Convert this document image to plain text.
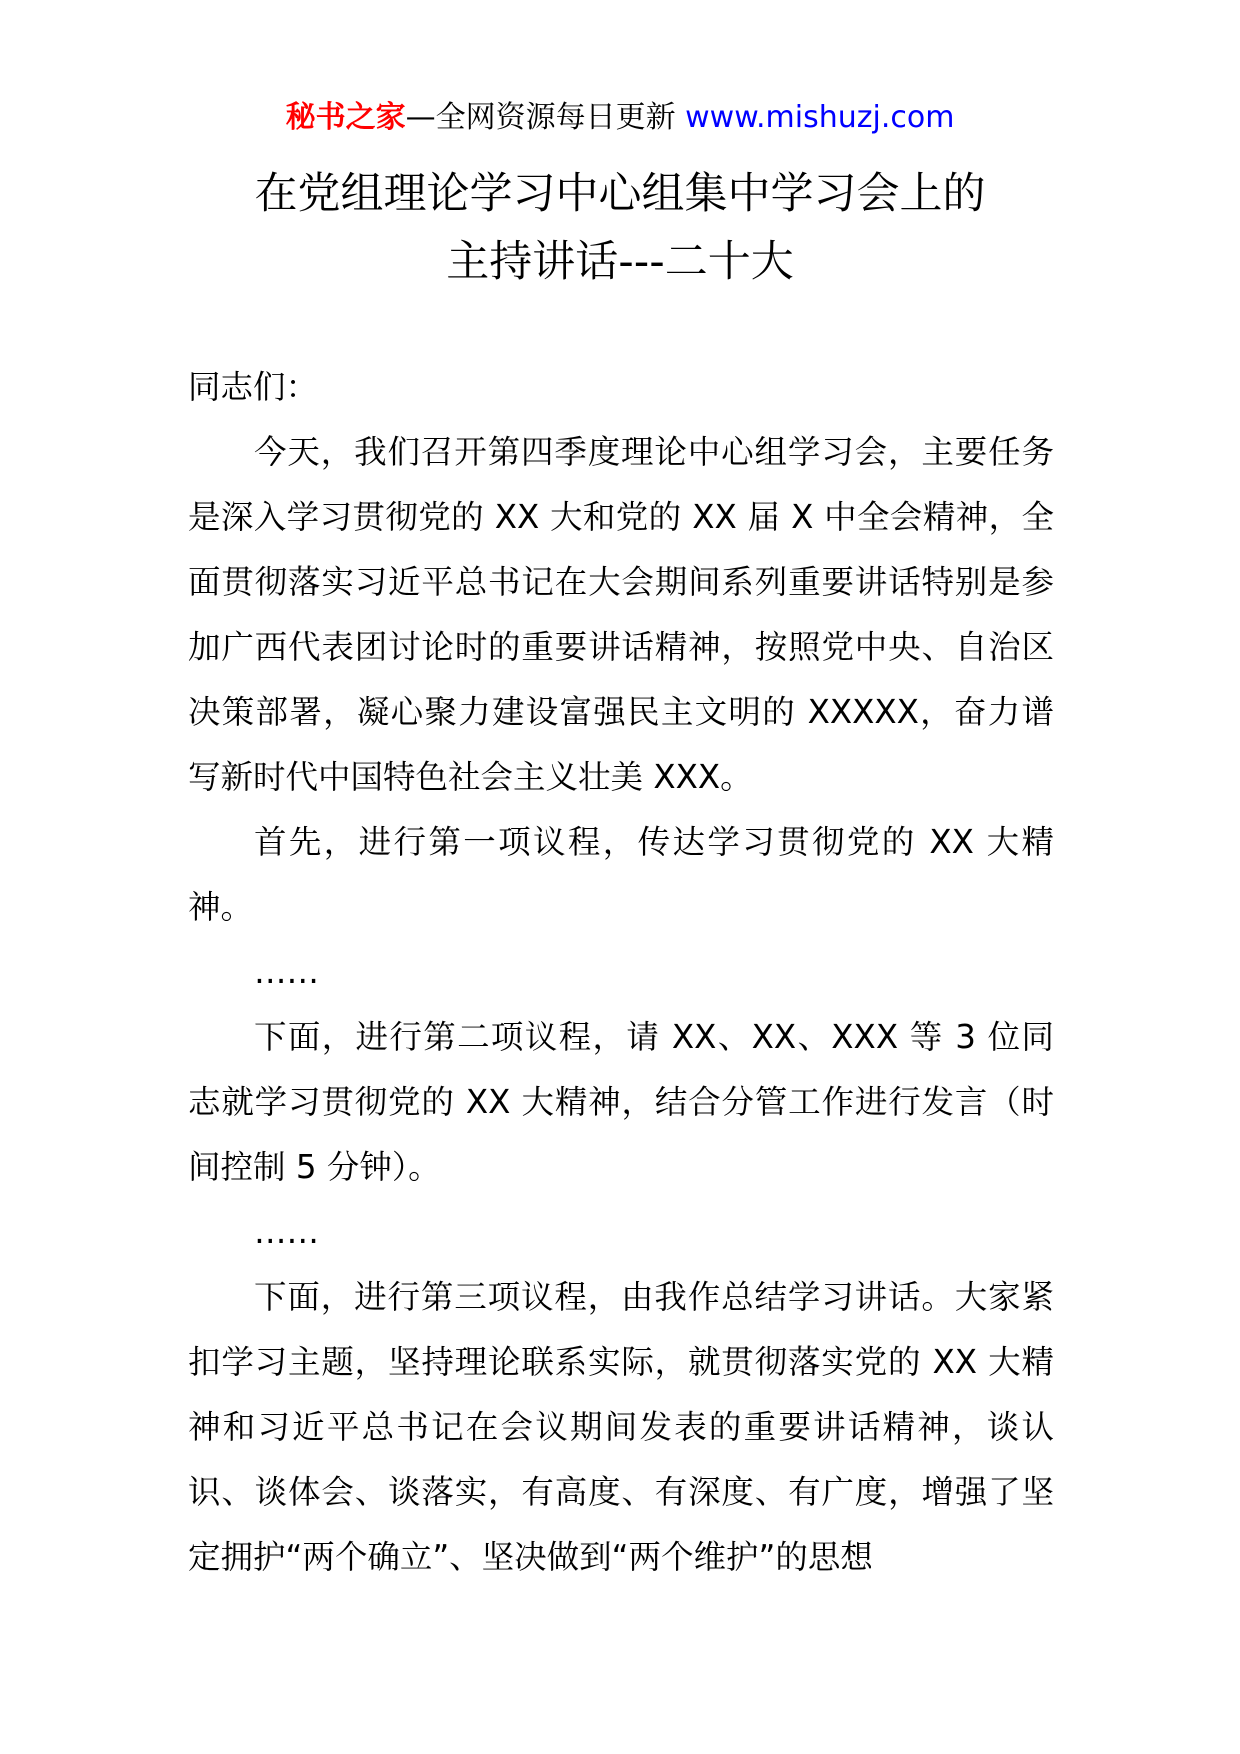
秘书之家—全网资源每日更新 www.mishuzj.com
在党组理论学习中心组集中学习会上的
主持讲话---二十大

同志们：

今天，我们召开第四季度理论中心组学习会，主要任务是深入学习贯彻党的 XX 大和党的 XX 届 X 中全会精神，全面贯彻落实习近平总书记在大会期间系列重要讲话特别是参加广西代表团讨论时的重要讲话精神，按照党中央、自治区决策部署，凝心聚力建设富强民主文明的 XXXXX，奋力谱写新时代中国特色社会主义壮美 XXX。

首先，进行第一项议程，传达学习贯彻党的 XX 大精神。

……

下面，进行第二项议程，请 XX、XX、XXX 等 3 位同志就学习贯彻党的 XX 大精神，结合分管工作进行发言（时间控制 5 分钟）。

……

下面，进行第三项议程，由我作总结学习讲话。大家紧扣学习主题，坚持理论联系实际，就贯彻落实党的 XX 大精神和习近平总书记在会议期间发表的重要讲话精神，谈认识、谈体会、谈落实，有高度、有深度、有广度，增强了坚定拥护“两个确立”、坚决做到“两个维护”的思想
